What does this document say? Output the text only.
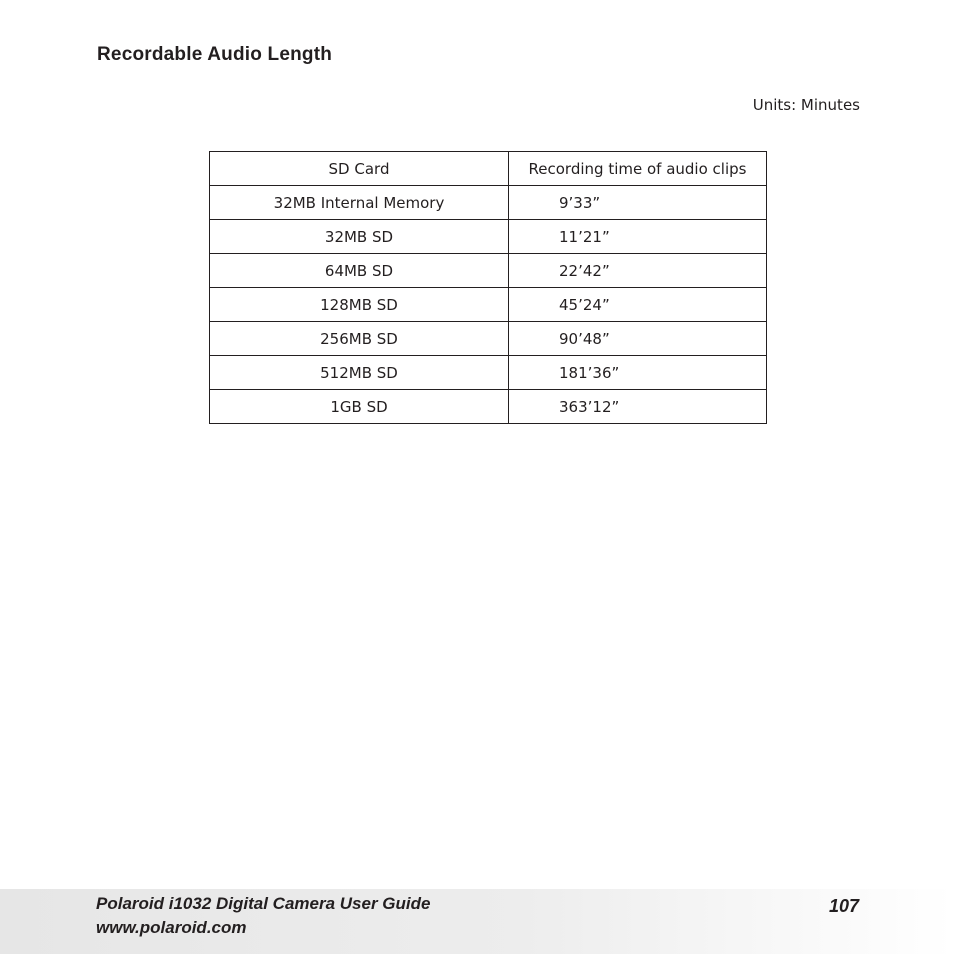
Recordable Audio Length
Units: Minutes
SD Card	Recording time of audio clips
32MB Internal Memory	9’33”
32MB SD	11’21”
64MB SD	22’42”
128MB SD	45’24”
256MB SD	90’48”
512MB SD	181’36”
1GB SD	363’12”
Polaroid i1032 Digital Camera User Guide
www.polaroid.com
107
